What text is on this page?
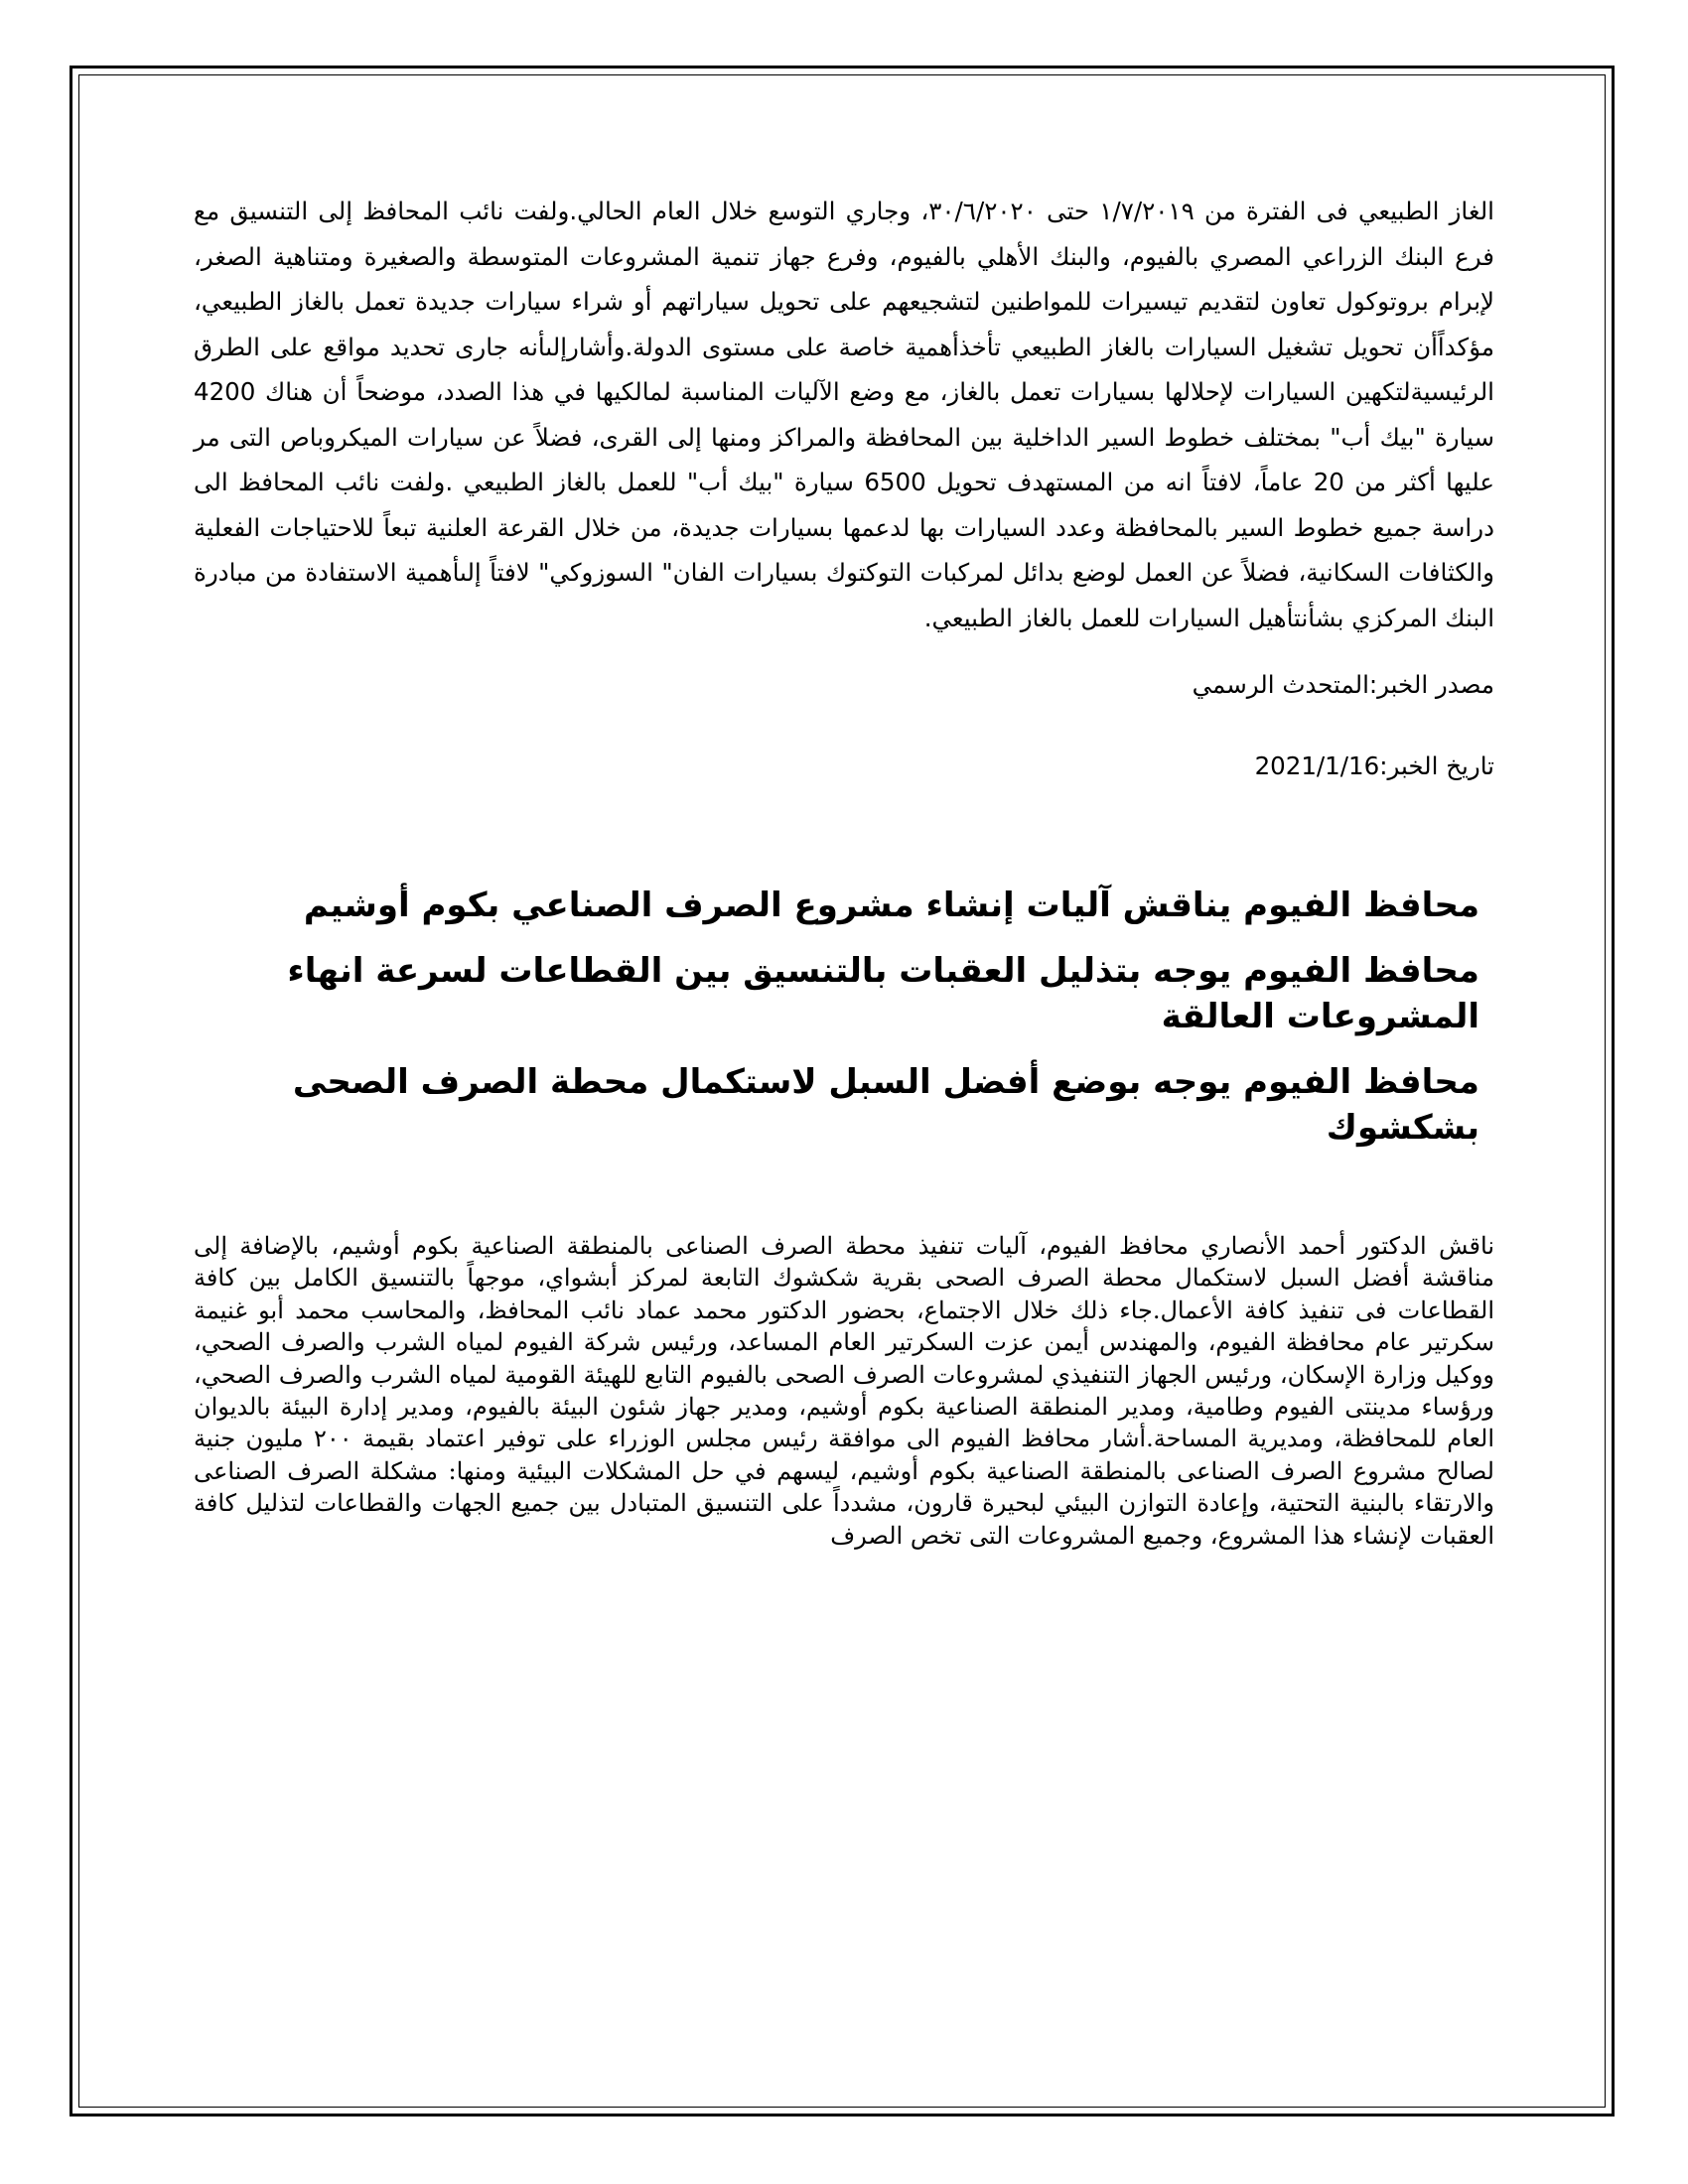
الغاز الطبيعي فى الفترة من ١/٧/٢٠١٩ حتى ٣٠/٦/٢٠٢٠، وجاري التوسع خلال العام الحالي.ولفت نائب المحافظ إلى التنسيق مع فرع البنك الزراعي المصري بالفيوم، والبنك الأهلي بالفيوم، وفرع جهاز تنمية المشروعات المتوسطة والصغيرة ومتناهية الصغر، لإبرام بروتوكول تعاون لتقديم تيسيرات للمواطنين لتشجيعهم على تحويل سياراتهم أو شراء سيارات جديدة تعمل بالغاز الطبيعي، مؤكداًأن تحويل تشغيل السيارات بالغاز الطبيعي تأخذأهمية خاصة على مستوى الدولة.وأشارإلىأنه جارى تحديد مواقع على الطرق الرئيسيةلتكهين السيارات لإحلالها بسيارات تعمل بالغاز، مع وضع الآليات المناسبة لمالكيها في هذا الصدد، موضحاً أن هناك 4200 سيارة "بيك أب" بمختلف خطوط السير الداخلية بين المحافظة والمراكز ومنها إلى القرى، فضلاً عن سيارات الميكروباص التى مر عليها أكثر من 20 عاماً، لافتاً انه من المستهدف تحويل 6500 سيارة "بيك أب" للعمل بالغاز الطبيعي .ولفت نائب المحافظ الى دراسة جميع خطوط السير بالمحافظة وعدد السيارات بها لدعمها بسيارات جديدة، من خلال القرعة العلنية تبعاً للاحتياجات الفعلية والكثافات السكانية، فضلاً عن العمل لوضع بدائل لمركبات التوكتوك بسيارات الفان" السوزوكي" لافتاً إلىأهمية الاستفادة من مبادرة البنك المركزي بشأنتأهيل السيارات للعمل بالغاز الطبيعي.

مصدر الخبر:المتحدث الرسمي

تاريخ الخبر:2021/1/16

محافظ الفيوم يناقش آليات إنشاء مشروع الصرف الصناعي بكوم أوشيم

محافظ الفيوم يوجه بتذليل العقبات بالتنسيق بين القطاعات لسرعة انهاء المشروعات العالقة

محافظ الفيوم يوجه بوضع أفضل السبل لاستكمال محطة الصرف الصحى بشكشوك

ناقش الدكتور أحمد الأنصاري محافظ الفيوم، آليات تنفيذ محطة الصرف الصناعى بالمنطقة الصناعية بكوم أوشيم، بالإضافة إلى مناقشة أفضل السبل لاستكمال محطة الصرف الصحى بقرية شكشوك التابعة لمركز أبشواي، موجهاً بالتنسيق الكامل بين كافة القطاعات فى تنفيذ كافة الأعمال.جاء ذلك خلال الاجتماع، بحضور الدكتور محمد عماد نائب المحافظ، والمحاسب محمد أبو غنيمة سكرتير عام محافظة الفيوم، والمهندس أيمن عزت السكرتير العام المساعد، ورئيس شركة الفيوم لمياه الشرب والصرف الصحي، ووكيل وزارة الإسكان، ورئيس الجهاز التنفيذي لمشروعات الصرف الصحى بالفيوم التابع للهيئة القومية لمياه الشرب والصرف الصحي، ورؤساء مدينتى الفيوم وطامية، ومدير المنطقة الصناعية بكوم أوشيم، ومدير جهاز شئون البيئة بالفيوم، ومدير إدارة البيئة بالديوان العام للمحافظة، ومديرية المساحة.أشار محافظ الفيوم الى موافقة رئيس مجلس الوزراء على توفير اعتماد بقيمة ٢٠٠ مليون جنية لصالح مشروع الصرف الصناعى بالمنطقة الصناعية بكوم أوشيم، ليسهم في حل المشكلات البيئية ومنها: مشكلة الصرف الصناعى والارتقاء بالبنية التحتية، وإعادة التوازن البيئي لبحيرة قارون، مشدداً على التنسيق المتبادل بين جميع الجهات والقطاعات لتذليل كافة العقبات لإنشاء هذا المشروع، وجميع المشروعات التى تخص الصرف
